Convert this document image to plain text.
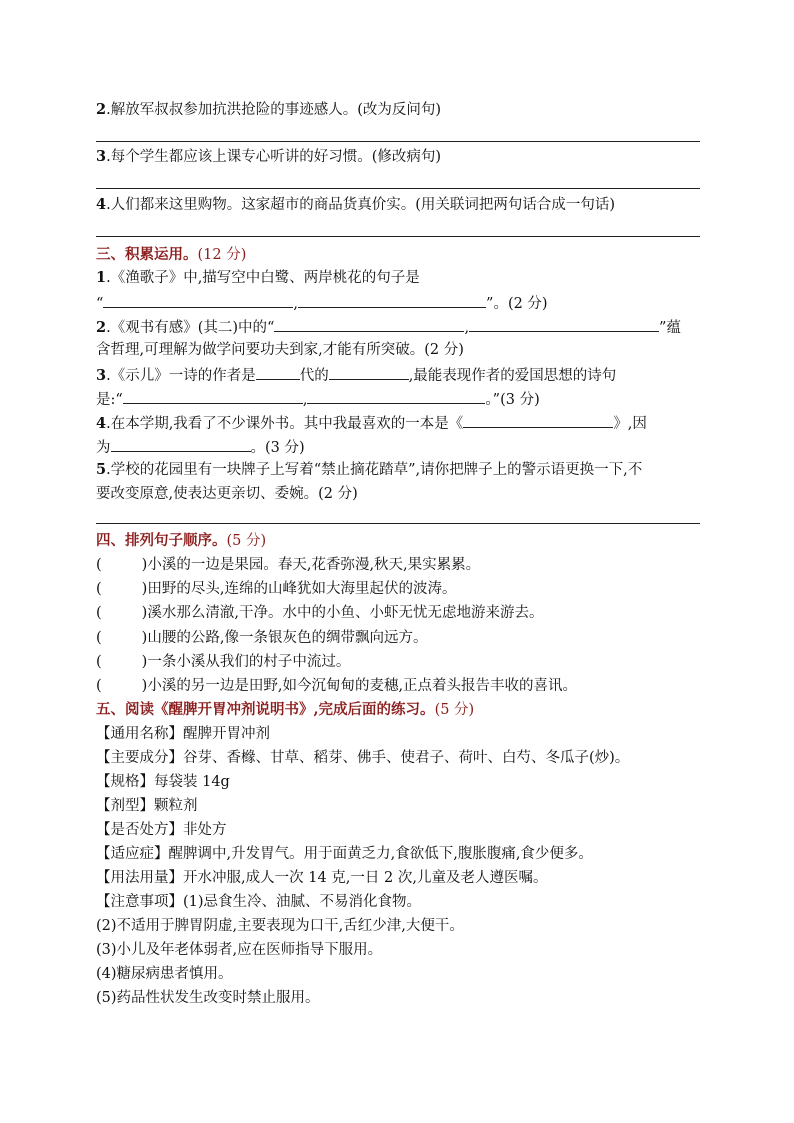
2.解放军叔叔参加抗洪抢险的事迹感人。(改为反问句)
3.每个学生都应该上课专心听讲的好习惯。(修改病句)
4.人们都来这里购物。这家超市的商品货真价实。(用关联词把两句话合成一句话)
三、积累运用。(12 分)
1.《渔歌子》中,描写空中白鹭、两岸桃花的句子是
“	,	”。(2 分)
2.《观书有感》(其二)中的“	,	”蕴
含哲理,可理解为做学问要功夫到家,才能有所突破。(2 分)
3.《示儿》一诗的作者是	代的	,最能表现作者的爱国思想的诗句
是:“	,	。”(3 分)
4.在本学期,我看了不少课外书。其中我最喜欢的一本是《	》,因
为	。(3 分)
5.学校的花园里有一块牌子上写着“禁止摘花踏草”,请你把牌子上的警示语更换一下,不
要改变原意,使表达更亲切、委婉。(2 分)
四、排列句子顺序。(5 分)
(	)小溪的一边是果园。春天,花香弥漫,秋天,果实累累。
(	)田野的尽头,连绵的山峰犹如大海里起伏的波涛。
(	)溪水那么清澈,干净。水中的小鱼、小虾无忧无虑地游来游去。
(	)山腰的公路,像一条银灰色的绸带飘向远方。
(	)一条小溪从我们的村子中流过。
(	)小溪的另一边是田野,如今沉甸甸的麦穗,正点着头报告丰收的喜讯。
五、阅读《醒脾开胃冲剂说明书》,完成后面的练习。(5 分)
【通用名称】醒脾开胃冲剂
【主要成分】谷芽、香橼、甘草、稻芽、佛手、使君子、荷叶、白芍、冬瓜子(炒)。
【规格】每袋装 14g
【剂型】颗粒剂
【是否处方】非处方
【适应症】醒脾调中,升发胃气。用于面黄乏力,食欲低下,腹胀腹痛,食少便多。
【用法用量】开水冲服,成人一次 14 克,一日 2 次,儿童及老人遵医嘱。
【注意事项】(1)忌食生冷、油腻、不易消化食物。
(2)不适用于脾胃阴虚,主要表现为口干,舌红少津,大便干。
(3)小儿及年老体弱者,应在医师指导下服用。
(4)糖尿病患者慎用。
(5)药品性状发生改变时禁止服用。
